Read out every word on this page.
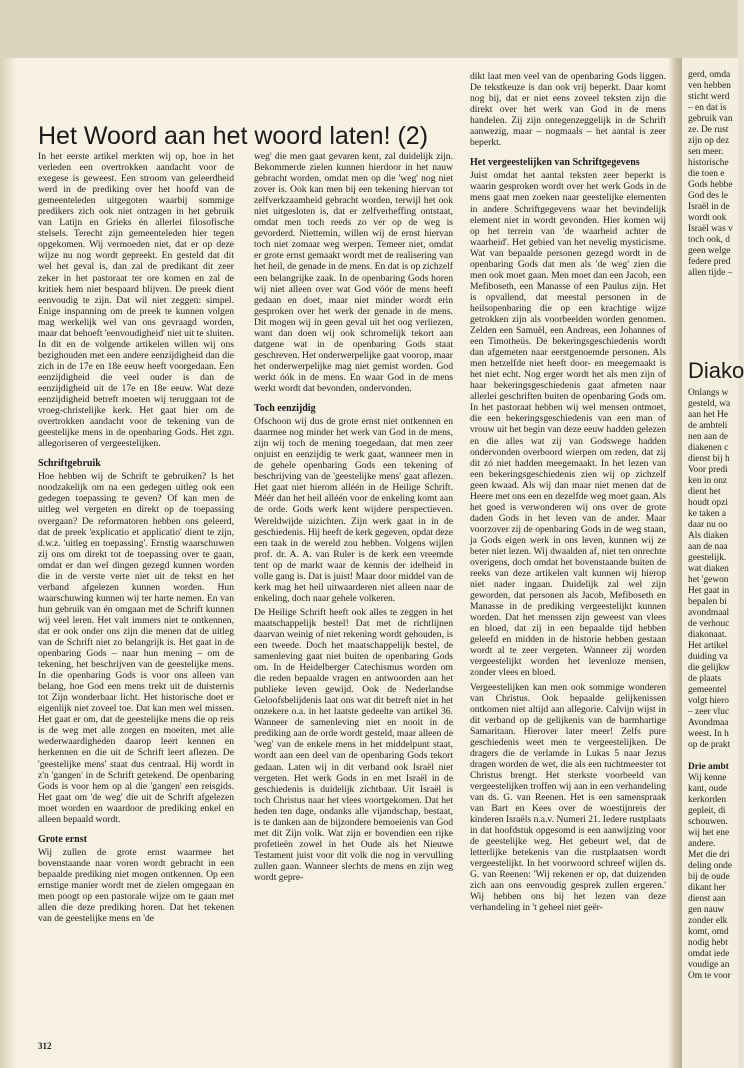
Het Woord aan het woord laten! (2)

In het eerste artikel merkten wij op, hoe in het verleden een overtrokken aandacht voor de exegese is geweest. Een stroom van geleerdheid werd in de prediking over het hoofd van de gemeenteleden uitgegoten waarbij sommige predikers zich ook niet ontzagen in het gebruik van Latijn en Grieks én allerlei filosofische stelsels. Terecht zijn gemeenteleden hier tegen opgekomen. Wij vermoeden niet, dat er op deze wijze nu nog wordt gepreekt. En gesteld dat dit wel het geval is, dan zal de predikant dit zeer zeker in het pastoraat ter ore komen en zal de kritiek hem niet bespaard blijven. De preek dient eenvoudig te zijn. Dat wil niet zeggen: simpel. Enige inspanning om de preek te kunnen volgen mag werkelijk wel van ons gevraagd worden, maar dat behoeft 'eenvoudigheid' niet uit te sluiten. In dit en de volgende artikelen willen wij ons bezighouden met een andere eenzijdigheid dan die zich in de 17e en 18e eeuw heeft voorgedaan. Een eenzijdigheid die veel ouder is dan de eenzijdigheid uit de 17e en 18e eeuw. Wat deze eenzijdigheid betreft moeten wij teruggaan tot de vroeg-christelijke kerk. Het gaat hier om de overtrokken aandacht voor de tekening van de geestelijke mens in de openbaring Gods. Het zgn. allegoriseren of vergeestelijken.

Schriftgebruik

Hoe hebben wij de Schrift te gebruiken? Is het noodzakelijk om na een gedegen uitleg ook een gedegen toepassing te geven? Of kan men de uitleg wel vergeten en direkt op de toepassing overgaan? De reformatoren hebben ons geleerd, dat de preek 'explicatio et applicatio' dient te zijn, d.w.z. 'uitleg en toepassing'. Ernstig waarschuwen zij ons om direkt tot de toepassing over te gaan, omdat er dan wel dingen gezegd kunnen worden die in de verste verte niet uit de tekst en het verband afgelezen kunnen worden. Hun waarschuwing kunnen wij ter harte nemen. En van hun gebruik van én omgaan met de Schrift kunnen wij veel leren. Het valt immers niet te ontkennen, dat er ook onder ons zijn die menen dat de uitleg van de Schrift niet zo belangrijk is. Het gaat in de openbaring Gods – naar hun mening – om de tekening, het beschrijven van de geestelijke mens. In die openbaring Gods is voor ons alleen van belang, hoe God een mens trekt uit de duisternis tot Zijn wonderbaar licht. Het historische doet er eigenlijk niet zoveel toe. Dat kan men wel missen. Het gaat er om, dat de geestelijke mens die op reis is de weg met alle zorgen en moeiten, met alle wederwaardigheden daarop leert kennen en herkennen en die uit de Schrift leert aflezen. De 'geestelijke mens' staat dus centraal. Hij wordt in z'n 'gangen' in de Schrift getekend. De openbaring Gods is voor hem op al die 'gangen' een reisgids. Het gaat om 'de weg' die uit de Schrift afgelezen moet worden en waardoor de prediking enkel en alleen bepaald wordt.

Grote ernst

Wij zullen de grote ernst waarmee het bovenstaande naar voren wordt gebracht in een bepaalde prediking niet mogen ontkennen. Op een ernstige manier wordt met de zielen omgegaan en men poogt op een pastorale wijze om te gaan met allen die deze prediking horen. Dat het tekenen van de geestelijke mens en 'de

weg' die men gaat gevaren kent, zal duidelijk zijn. Bekommerde zielen kunnen hierdoor in het nauw gebracht worden, omdat men op die 'weg' nog niet zover is. Ook kan men bij een tekening hiervan tot zelfverkzaamheid gebracht worden, terwijl het ook niet uitgesloten is, dat er zelfverheffing ontstaat, omdat men toch reeds zo ver op de weg is gevorderd. Niettemin, willen wij de ernst hiervan toch niet zomaar weg werpen. Temeer niet, omdat er grote ernst gemaakt wordt met de realisering van het heil, de genade in de mens. En dat is op zichzelf een belangrijke zaak. In de openbaring Gods horen wij niet alleen over wat God vóór de mens heeft gedaan en doet, maar niet minder wordt erin gesproken over het werk der genade in de mens. Dit mogen wij in geen geval uit het oog verliezen, want dan doen wij ook schromelijk tekort aan datgene wat in de openbaring Gods staat geschreven. Het onderwerpelijke gaat voorop, maar het onderwerpelijke mag niet gemist worden. God werkt óók in de mens. En waar God in de mens werkt wordt dat bevonden, ondervonden.

Toch eenzijdig

Ofschoon wij dus de grote ernst niet ontkennen en daarmee nog minder het werk van God in de mens, zijn wij toch de mening toegedaan, dat men zeer onjuist en eenzijdig te werk gaat, wanneer men in de gehele openbaring Gods een tekening of beschrijving van de 'geestelijke mens' gaat aflezen. Het gaat niet hierom alléén in de Heilige Schrift. Méér dan het heil alléén voor de enkeling komt aan de orde. Gods werk kent wijdere perspectieven. Wereldwijde uizichten. Zijn werk gaat in in de geschiedenis. Hij heeft de kerk gegeven, opdat deze een taak in de wereld zou hebben. Volgens wijlen prof. dr. A. A. van Ruler is de kerk een vreemde tent op de markt waar de kennis der idelheid in volle gang is. Dat is juist! Maar door middel van de kerk mag het heil uitwaarderen niet alleen naar de enkeling, doch naar gehele volkeren.

De Heilige Schrift heeft ook alles te zeggen in het maatschappelijk bestel! Dat met de richtlijnen daarvan weinig of niet rekening wordt gehouden, is een tweede. Doch het maatschappelijk bestel, de samenleving gaat niet buiten de openbaring Gods om. In de Heidelberger Catechismus worden om die reden bepaalde vragen en antwoorden aan het publieke leven gewijd. Ook de Nederlandse Geloofsbelijdenis laat ons wat dit betreft niet in het onzekere o.a. in het laatste gedeelte van artikel 36. Wanneer de samenleving niet en nooit in de prediking aan de orde wordt gesteld, maar alleen de 'weg' van de enkele mens in het middelpunt staat, wordt aan een deel van de openbaring Gods tekort gedaan. Laten wij in dit verband ook Israël niet vergeten. Het werk Gods in en met Israël in de geschiedenis is duidelijk zichtbaar. Uit Israël is toch Christus naar het vlees voortgekomen. Dat het heden ten dage, ondanks alle vijandschap, bestaat, is te danken aan de bijzondere bemoeienis van God met dit Zijn volk. Wat zijn er bovendien een rijke profetieën zowel in het Oude als het Nieuwe Testament juist voor dit volk die nog in vervulling zullen gaan. Wanneer slechts de mens en zijn weg wordt gepre-

dikt laat men veel van de openbaring Gods liggen. De tekstkeuze is dan ook vrij beperkt. Daar komt nog bij, dat er niet eens zoveel teksten zijn die direkt over het werk van God in de mens handelen. Zij zijn ontegenzeggelijk in de Schrift aanwezig, maar – nogmaals – het aantal is zeer beperkt.

Het vergeestelijken van Schriftgegevens

Juist omdat het aantal teksten zeer beperkt is waarin gesproken wordt over het werk Gods in de mens gaat men zoeken naar geestelijke elementen in andere Schriftgegevens waar het bevindelijk element niet in wordt gevonden. Hier komen wij op het terrein van 'de waarheid achter de waarheid'. Het gebied van het nevelig mysticisme. Wat van bepaalde personen gezegd wordt in de openbaring Gods dat men als 'de weg' zien die men ook moet gaan. Men moet dan een Jacob, een Mefiboseth, een Manasse of een Paulus zijn. Het is opvallend, dat meestal personen in de heilsopenbaring die op een krachtige wijze getrokken zijn als voorbeelden worden genomen. Zelden een Samuël, een Andreas, een Johannes of een Timotheüs. De bekeringsgeschiedenis wordt dan afgemeten naar eerstgenoemde personen. Als men hetzelfde niet heeft door- en meegemaakt is het niet echt. Nog erger wordt het als men zijn of haar bekeringsgeschiedenis gaat afmeten naar allerlei geschriften buiten de openbaring Gods om. In het pastoraat hebben wij wel mensen ontmoet, die een bekeringsgeschiedenis van een man of vrouw uit het begin van deze eeuw hadden gelezen en die alles wat zij van Godswege hadden ondervonden overboord wierpen om reden, dat zij dit zó niet hadden meegemaakt. In het lezen van een bekeringsgeschiedenis zien wij op zichzelf geen kwaad. Als wij dan maar niet menen dat de Heere met ons een en dezelfde weg moet gaan. Als het goed is verwonderen wij ons over de grote daden Gods in het leven van de ander. Maar voorzover zij de openbaring Gods in de weg staan, ja Gods eigen werk in ons leven, kunnen wij ze beter niet lezen. Wij dwaalden af, niet ten onrechte overigens, doch omdat het bovenstaande buiten de reeks van deze artikelen valt kunnen wij hierop niet nader ingaan. Duidelijk zal wel zijn geworden, dat personen als Jacob, Mefiboseth en Manasse in de prediking vergeestelijkt kunnen worden. Dat het menssen zijn geweest van vlees en bloed, dat zij in een bepaalde tijd hebben geleefd en midden in de historie hebben gestaan wordt al te zeer vergeten. Wanneer zij worden vergeestelijkt worden het levenloze mensen, zonder vlees en bloed.

Vergeestelijken kan men ook sommige wonderen van Christus. Ook bepaalde gelijkenissen ontkomen niet altijd aan allegorie. Calvijn wijst in dit verband op de gelijkenis van de barmhartige Samaritaan. Hierover later meer! Zelfs pure geschiedenis weet men te vergeestelijken. De dragers die de verlamde in Lukas 5 naar Jezus dragen worden de wet, die als een tuchtmeester tot Christus brengt. Het sterkste voorbeeld van vergeestelijken troffen wij aan in een verhandeling van ds. G. van Reenen. Het is een samenspraak van Bart en Kees over de woestijnreis der kinderen Israëls n.a.v. Numeri 21. Iedere rustplaats in dat hoofdstuk opgesomd is een aanwijzing voor de geestelijke weg. Het gebeurt wel, dat de letterlijke betekenis van die rustplaatsen wordt vergeestelijkt. In het voorwoord schreef wijlen ds. G. van Reenen: 'Wij rekenen er op, dat duizenden zich aan ons eenvoudig gesprek zullen ergeren.' Wij hebben ons bij het lezen van deze verhandeling in 't geheel niet geër-

312
gerd, omda
ven hebben
sticht werd
– en dat is
gebruik van
ze. De rust
zijn op dez
sen meer.
historische
die toen e
Gods hebbe
God des le
Israël in de
wordt ook
Israël was v
toch ook, d
geen welge
federe pred
allen tijde –
Diako
Onlangs w
gesteld, wa
aan het He
de ambteli
nen aan de
diakenen c
dienst bij h
Voor predi
ken in onz
dient het
houdt opzi
ke taken a
daar nu oo
Als diaken
aan de naa
geestelijk.
wat diaken
het 'gewon
Het gaat in
bepalen bi
avondmaal
de verhouc
diakonaat.
Het artikel
duiding va
die gelijkw
de plaats
gemeentel
volgt hiero
– zeer vluc
Avondmaa
weest. In h
op de prakt

Drie ambt
Wij kenne
kant, oude
kerkorden
gepleit, di
schouwen.
wij het ene
andere.
Met die dri
deling onde
bij de oude
dikant her
dienst aan
gen nauw
zonder elk
komt, omd
nodig hebt
omdat iede
voudige an
Om te voor
